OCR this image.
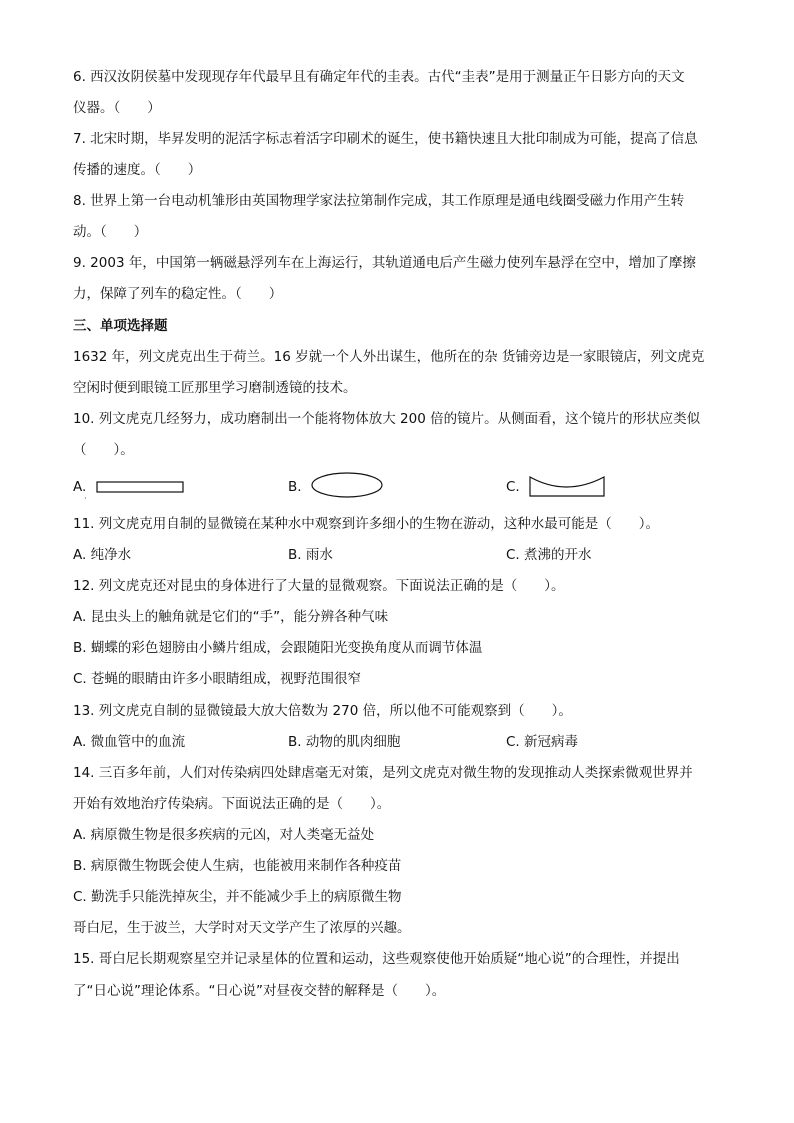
6. 西汉汝阴侯墓中发现现存年代最早且有确定年代的圭表。古代“圭表”是用于测量正午日影方向的天文
仪器。（　　）
7. 北宋时期，毕昇发明的泥活字标志着活字印刷术的诞生，使书籍快速且大批印制成为可能，提高了信息
传播的速度。（　　）
8. 世界上第一台电动机雏形由英国物理学家法拉第制作完成，其工作原理是通电线圈受磁力作用产生转
动。（　　）
9. 2003 年，中国第一辆磁悬浮列车在上海运行，其轨道通电后产生磁力使列车悬浮在空中，增加了摩擦
力，保障了列车的稳定性。（　　）
三、单项选择题
1632 年，列文虎克出生于荷兰。16 岁就一个人外出谋生，他所在的杂 货铺旁边是一家眼镜店，列文虎克
空闲时便到眼镜工匠那里学习磨制透镜的技术。
10. 列文虎克几经努力，成功磨制出一个能将物体放大 200 倍的镜片。从侧面看，这个镜片的形状应类似
（　　）。
A.
·
B.	C.
11. 列文虎克用自制的显微镜在某种水中观察到许多细小的生物在游动，这种水最可能是（　　）。
A. 纯净水	B. 雨水	C. 煮沸的开水
12. 列文虎克还对昆虫的身体进行了大量的显微观察。下面说法正确的是（　　）。
A. 昆虫头上的触角就是它们的“手”，能分辨各种气味
B. 蝴蝶的彩色翅膀由小鳞片组成，会跟随阳光变换角度从而调节体温
C. 苍蝇的眼睛由许多小眼睛组成，视野范围很窄
13. 列文虎克自制的显微镜最大放大倍数为 270 倍，所以他不可能观察到（　　）。
A. 微血管中的血流	B. 动物的肌肉细胞	C. 新冠病毒
14. 三百多年前，人们对传染病四处肆虐毫无对策，是列文虎克对微生物的发现推动人类探索微观世界并
开始有效地治疗传染病。下面说法正确的是（　　）。
A. 病原微生物是很多疾病的元凶，对人类毫无益处
B. 病原微生物既会使人生病，也能被用来制作各种疫苗
C. 勤洗手只能洗掉灰尘，并不能减少手上的病原微生物
哥白尼，生于波兰，大学时对天文学产生了浓厚的兴趣。
15. 哥白尼长期观察星空并记录星体的位置和运动，这些观察使他开始质疑“地心说”的合理性，并提出
了“日心说”理论体系。“日心说”对昼夜交替的解释是（　　）。
